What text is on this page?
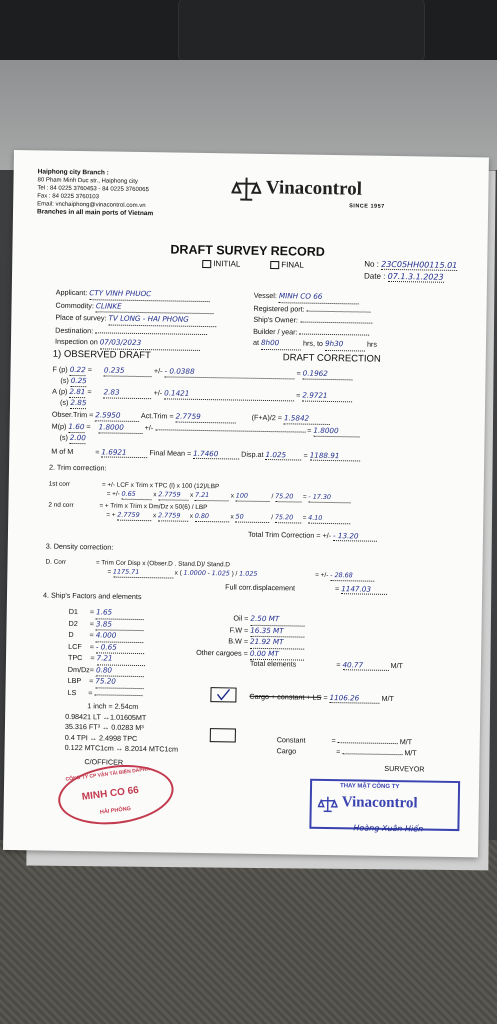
Haiphong city Branch :
80 Pham Minh Duc str., Haiphong city
Tel : 84 0225 3760453 - 84 0225 3760065
Fax : 84 0225 3760103
Email: vnchaiphong@vinacontrol.com.vn
Branches in all main ports of Vietnam
Vinacontrol
SINCE 1957
DRAFT SURVEY RECORD
INITIAL	FINAL	No : 23C05HH00115.01
Date : 07.1.3.1.2023
Applicant: CTY VINH PHUOC
Commodity: CLINKE
Place of survey: TV LONG - HAI PHONG
Destination:
Inspection on 07/03/2023
Vessel: MINH CO 66
Registered port:
Ship's Owner:
Builder / year:
at 8h00	hrs, to 9h30	hrs
1) OBSERVED DRAFT	DRAFT CORRECTION
F (p) 0.22 = 0.235	+/- - 0.0388	= 0.1962
(s) 0.25
A (p) 2.81 = 2.83	+/- 0.1421	= 2.9721
(s) 2.85
Obser.Trim = 2.5950	Act.Trim = 2.7759	(F+A)/2 = 1.5842
M(p) 1.60 = 1.8000	+/-	= 1.8000
(s) 2.00
M of M	= 1.6921	Final Mean = 1.7460	Disp.at 1.025 = 1188.91
2. Trim correction:
1st corr	= +/- LCF x Trim x TPC (l) x 100 (12)/LBP
= +/- 0.65 x 2.7759 x 7.21	x 100	/ 75.20 = - 17.30
2 nd corr	= + Trim x Trim x Dm/Dz x 50(6) / LBP
= + 2.7759 x 2.7759 x 0.80	x 50	/ 75.20 = 4.10
Total Trim Correction = +/- - 13.20
3. Density correction:
D. Corr	= Trim Cor Disp x (Obser.D . Stand.D)/ Stand.D
= 1175.71	x ( 1.0000 - 1.025 ) / 1.025	= +/- - 28.68
Full corr.displacement	= 1147.03
4. Ship's Factors and elements
D1      = 1.65
D2      = 3.85
D        = 4.000
LCF    = - 0.65
TPC    = 7.21
Dm/Dz= 0.80
LBP    = 75.20
LS      =
Oil = 2.50 MT
F.W = 16.35 MT
B.W = 21.92 MT
Other cargoes = 0.00 MT
Total elements	= 40.77	M/T
Cargo + constant + LS = 1106.26	M/T
1 inch = 2.54cm
0.98421 LT ↔1.01605MT
35.316 FT³ ↔ 0.0283 M³
0.4 TPI ↔ 2.4998 TPC
0.122 MTC1cm ↔ 8.2014 MTC1cm
Constant	=	M/T
Cargo	=	M/T
C/OFFICER
SURVEYOR
CÔNG TY CP VẬN TẢI BIỂN DAPHA
MINH CO 66
HẢI PHÒNG
THAY MẶT CÔNG TY
Vinacontrol
Hoàng Xuân Hiến
